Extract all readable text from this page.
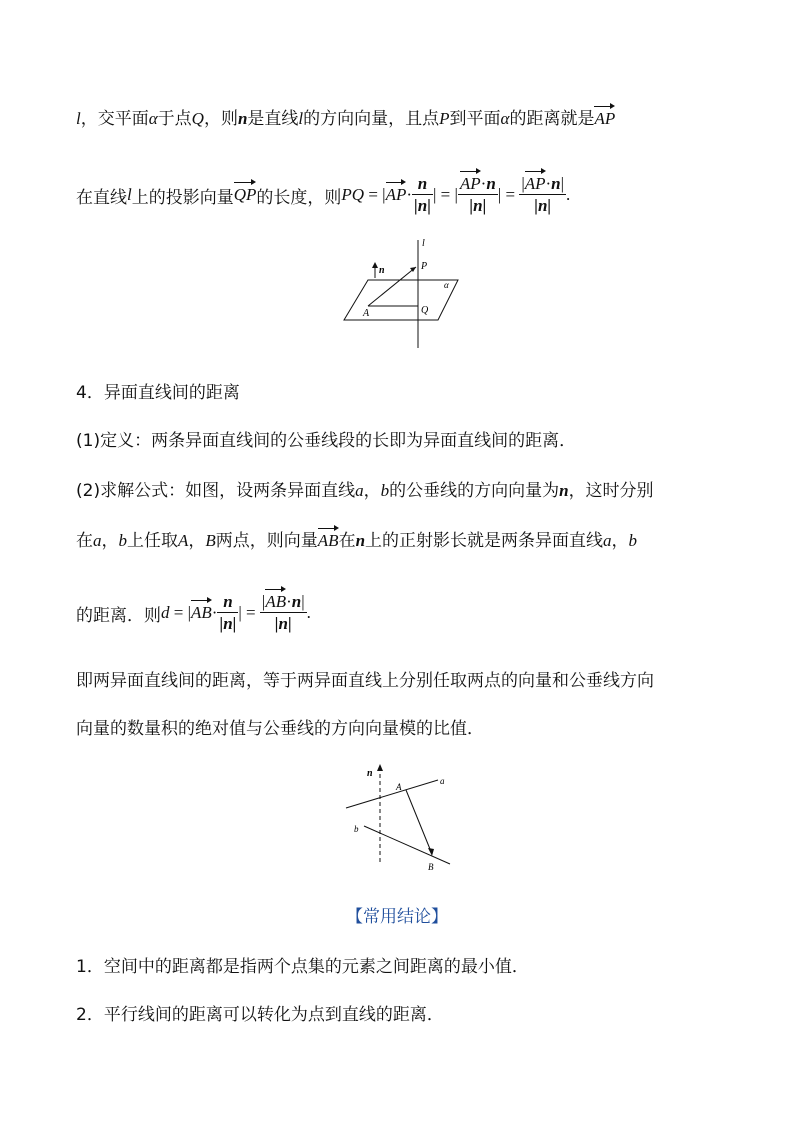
l，交平面α于点Q，则n是直线l的方向向量，且点P到平面α的距离就是AP
在直线 l 上的投影向量 QP 的长度，则 PQ = | AP · $\frac{n}{|n|}$ | = | $\frac{AP\cdot n}{|n|}$ | = $\frac{|AP\cdot n|}{|n|}$ .
l
P
n
α
A	Q
4．异面直线间的距离
(1)定义：两条异面直线间的公垂线段的长即为异面直线间的距离．
(2)求解公式：如图，设两条异面直线a，b的公垂线的方向向量为n，这时分别
在a，b上任取A，B两点，则向量AB在n上的正射影长就是两条异面直线a，b
的距离．则 d = | AB · $\frac{n}{|n|}$ | = $\frac{|AB\cdot n|}{|n|}$ .
即两异面直线间的距离，等于两异面直线上分别任取两点的向量和公垂线方向
向量的数量积的绝对值与公垂线的方向向量模的比值．
n
A
a
b
B
【常用结论】
1．空间中的距离都是指两个点集的元素之间距离的最小值．
2．平行线间的距离可以转化为点到直线的距离．
